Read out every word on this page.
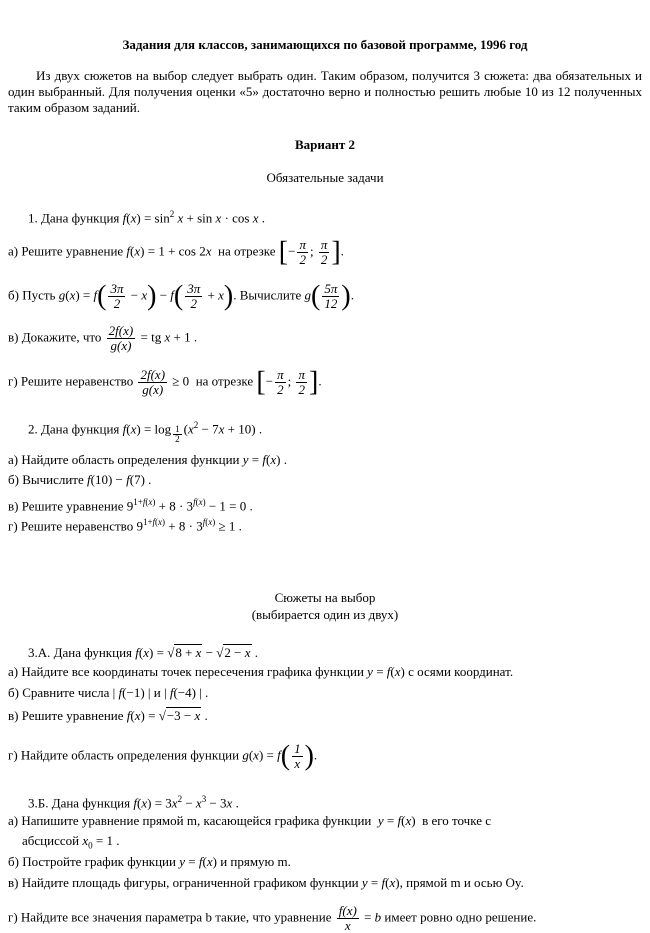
Задания для классов, занимающихся по базовой программе, 1996 год
Из двух сюжетов на выбор следует выбрать один. Таким образом, получится 3 сюжета: два обязательных и один выбранный. Для получения оценки «5» достаточно верно и полностью решить любые 10 из 12 полученных таким образом заданий.
Вариант 2
Обязательные задачи
1. Дана функция $f(x) = \sin^2 x + \sin x \cdot \cos x$ .
а) Решите уравнение f(x) = 1 + cos 2x на отрезке [− $\frac{\pi}{2}$ ; $\frac{\pi}{2}$ ].
б) Пусть $g(x) = f( \frac{3\pi}{2} - x) - f( \frac{3\pi}{2} + x)$. Вычислите $g( \frac{5\pi}{12}$ ).
в) Докажите, что $\frac{2f(x)}{g(x)}$ = tg x + 1 .
г) Решите неравенство $\frac{2f(x)}{g(x)} \ge 0$  на отрезке [− $\frac{\pi}{2}$ ; $\frac{\pi}{2}$ ].
2. Дана функция f(x) = log $_{\frac{1}{2}}$ $(x^2 - 7x + 10)$ .
а) Найдите область определения функции y = f(x) .
б) Вычислите f(10) − f(7) .
в) Решите уравнение $9^{1+f(x)} + 8 \cdot 3^{f(x)} - 1 = 0$ .
г) Решите неравенство $9^{1+f(x)} + 8 \cdot 3^{f(x)} \ge 1$ .
Сюжеты на выбор
(выбирается один из двух)
3.А. Дана функция f(x) = √8 + x − √2 − x .
а) Найдите все координаты точек пересечения графика функции y = f(x) с осями координат.
б) Сравните числа | f(−1) | и | f(−4) | .
в) Решите уравнение f(x) = √−3 − x .
г) Найдите область определения функции $g(x) = f( \frac{1}{x}$ ).
3.Б. Дана функция $f(x) = 3x^2 - x^3 - 3x$ .
а) Напишите уравнение прямой m, касающейся графика функции y = f(x)  в его точке с
абсциссой $x_0 = 1$ .
б) Постройте график функции y = f(x) и прямую m.
в) Найдите площадь фигуры, ограниченной графиком функции y = f(x), прямой m и осью Oy.
г) Найдите все значения параметра b такие, что уравнение $\frac{f(x)}{x} = b$ имеет ровно одно решение.
